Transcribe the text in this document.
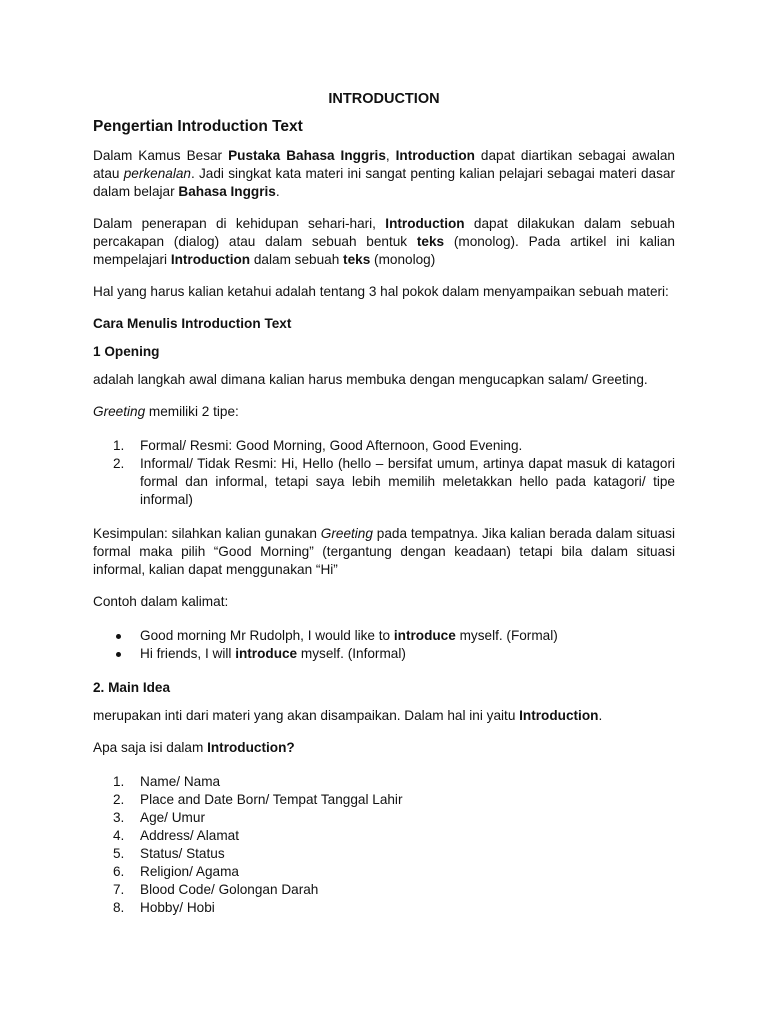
INTRODUCTION
Pengertian Introduction Text

Dalam Kamus Besar Pustaka Bahasa Inggris, Introduction dapat diartikan sebagai awalan atau perkenalan. Jadi singkat kata materi ini sangat penting kalian pelajari sebagai materi dasar dalam belajar Bahasa Inggris.

Dalam penerapan di kehidupan sehari-hari, Introduction dapat dilakukan dalam sebuah percakapan (dialog) atau dalam sebuah bentuk teks (monolog). Pada artikel ini kalian mempelajari Introduction dalam sebuah teks (monolog)

Hal yang harus kalian ketahui adalah tentang 3 hal pokok dalam menyampaikan sebuah materi:

Cara Menulis Introduction Text

1 Opening

adalah langkah awal dimana kalian harus membuka dengan mengucapkan salam/ Greeting.

Greeting memiliki 2 tipe:

1. Formal/ Resmi: Good Morning, Good Afternoon, Good Evening.
2. Informal/ Tidak Resmi: Hi, Hello (hello – bersifat umum, artinya dapat masuk di katagori formal dan informal, tetapi saya lebih memilih meletakkan hello pada katagori/ tipe informal)

Kesimpulan: silahkan kalian gunakan Greeting pada tempatnya. Jika kalian berada dalam situasi formal maka pilih “Good Morning” (tergantung dengan keadaan) tetapi bila dalam situasi informal, kalian dapat menggunakan “Hi”

Contoh dalam kalimat:

Good morning Mr Rudolph, I would like to introduce myself. (Formal)
Hi friends, I will introduce myself. (Informal)

2. Main Idea

merupakan inti dari materi yang akan disampaikan. Dalam hal ini yaitu Introduction.

Apa saja isi dalam Introduction?

1. Name/ Nama
2. Place and Date Born/ Tempat Tanggal Lahir
3. Age/ Umur
4. Address/ Alamat
5. Status/ Status
6. Religion/ Agama
7. Blood Code/ Golongan Darah
8. Hobby/ Hobi
